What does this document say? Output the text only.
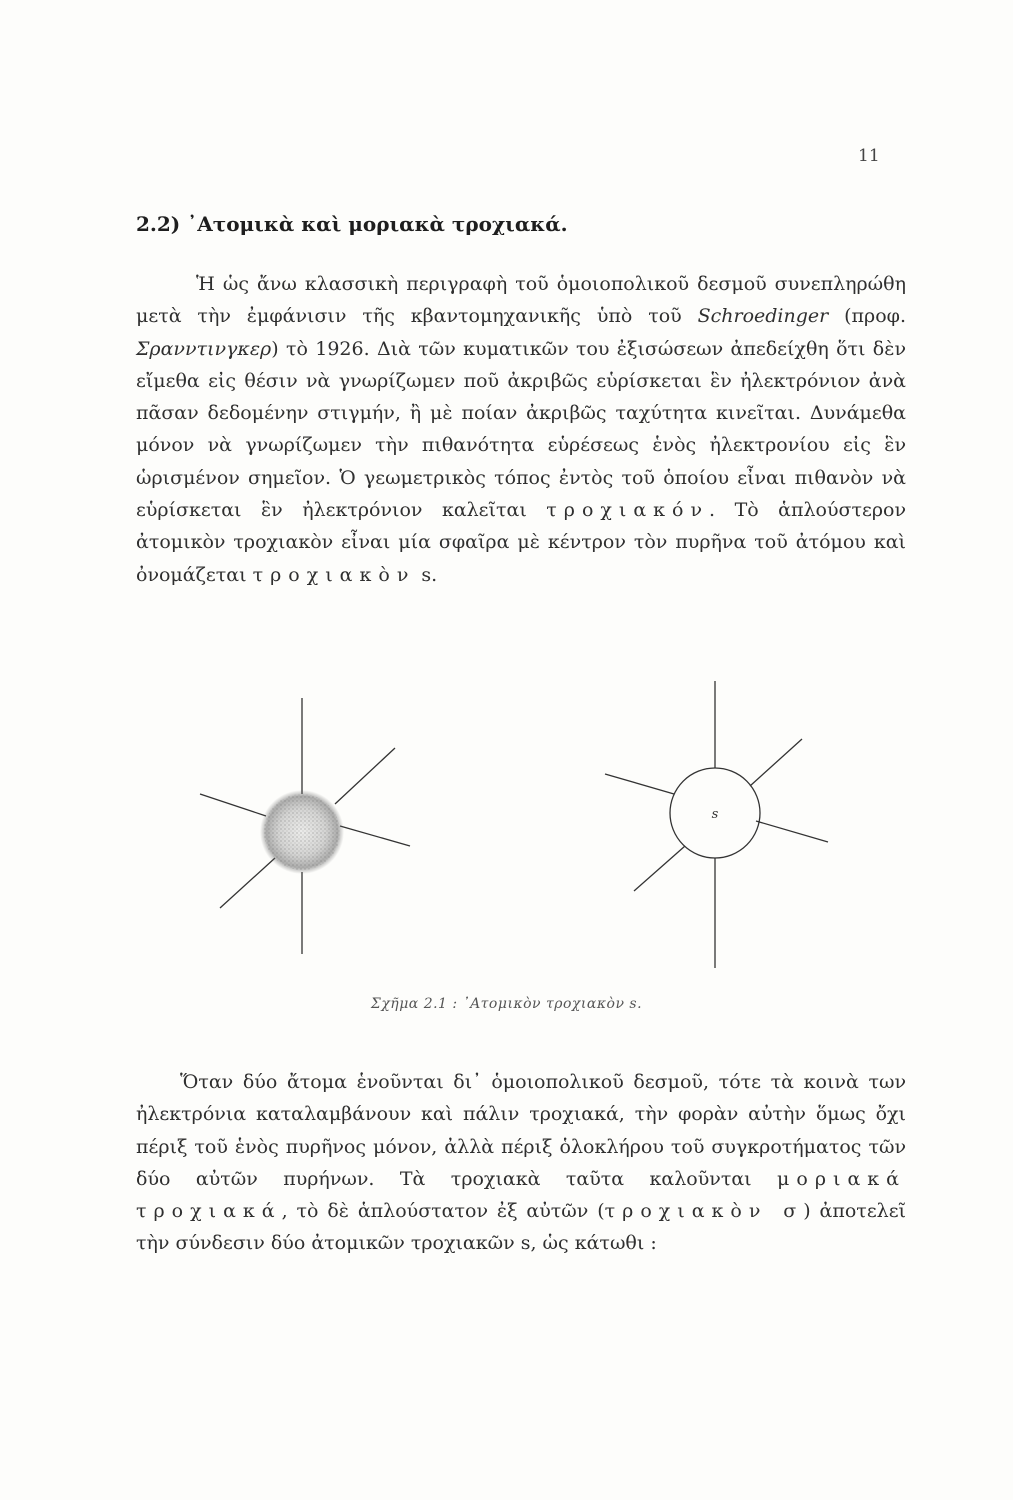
11
2.2) ᾿Ατομικὰ καὶ μοριακὰ τροχιακά.
Ἡ ὡς ἄνω κλασσικὴ περιγραφὴ τοῦ ὁμοιοπολικοῦ δεσμοῦ συνεπληρώθη μετὰ τὴν ἐμφάνισιν τῆς κβαντομηχανικῆς ὑπὸ τοῦ Schroedinger (προφ. Σρανντινγκερ) τὸ 1926. Διὰ τῶν κυματικῶν του ἐξισώσεων ἀπεδείχθη ὅτι δὲν εἴμεθα εἰς θέσιν νὰ γνωρίζωμεν ποῦ ἀκριβῶς εὑρίσκεται ἓν ἠλεκτρόνιον ἀνὰ πᾶσαν δεδομένην στιγμήν, ἢ μὲ ποίαν ἀκριβῶς ταχύτητα κινεῖται. Δυνάμεθα μόνον νὰ γνωρίζωμεν τὴν πιθανότητα εὑρέσεως ἑνὸς ἠλεκτρονίου εἰς ἓν ὡρισμένον σημεῖον. Ὁ γεωμετρικὸς τόπος ἐντὸς τοῦ ὁποίου εἶναι πιθανὸν νὰ εὑρίσκεται ἓν ἠλεκτρόνιον καλεῖται τροχιακόν. Τὸ ἁπλούστερον ἀτομικὸν τροχιακὸν εἶναι μία σφαῖρα μὲ κέντρον τὸν πυρῆνα τοῦ ἀτόμου καὶ ὀνομάζεται τροχιακὸν s.
s
Σχῆμα 2.1 : ᾿Ατομικὸν τροχιακὸν s.
Ὅταν δύο ἄτομα ἑνοῦνται δι᾿ ὁμοιοπολικοῦ δεσμοῦ, τότε τὰ κοινὰ των ἠλεκτρόνια καταλαμβάνουν καὶ πάλιν τροχιακά, τὴν φορὰν αὐτὴν ὅμως ὄχι πέριξ τοῦ ἑνὸς πυρῆνος μόνον, ἀλλὰ πέριξ ὁλοκλήρου τοῦ συγκροτήματος τῶν δύο αὐτῶν πυρήνων. Τὰ τροχιακὰ ταῦτα καλοῦνται μοριακά τροχιακά, τὸ δὲ ἁπλούστατον ἐξ αὐτῶν (τροχιακὸν σ) ἀποτελεῖ τὴν σύνδεσιν δύο ἀτομικῶν τροχιακῶν s, ὡς κάτωθι :
